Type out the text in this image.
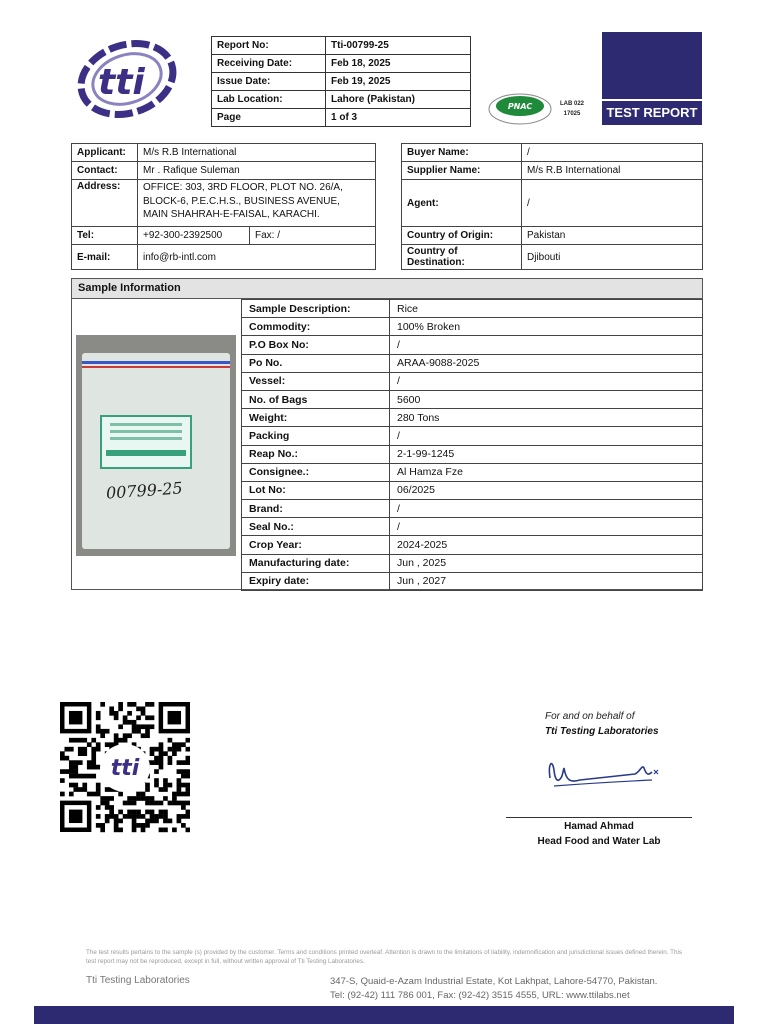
tti
Report No:	Tti-00799-25
Receiving Date:	Feb 18, 2025
Issue Date:	Feb 19, 2025
Lab Location:	Lahore (Pakistan)
Page	1 of 3
PNAC	LAB 022
17025	TEST REPORT
Applicant:	M/s R.B International			Buyer Name:	/
Contact:	Mr . Rafique Suleman			Supplier Name:	M/s R.B International
Address:	OFFICE: 303, 3RD FLOOR, PLOT NO. 26/A,
BLOCK-6, P.E.C.H.S., BUSINESS AVENUE,
MAIN SHAHRAH-E-FAISAL, KARACHI.			Agent:	/
Tel:	+92-300-2392500	Fax: /		Country of Origin:	Pakistan
E-mail:	info@rb-intl.com			Country of Destination:	Djibouti
Sample Information
00799-25
Sample Description:	Rice
Commodity:	100% Broken
P.O Box No:	/
Po No.	ARAA-9088-2025
Vessel:	/
No. of Bags	5600
Weight:	280 Tons
Packing	/
Reap No.:	2-1-99-1245
Consignee.:	Al Hamza Fze
Lot No:	06/2025
Brand:	/
Seal No.:	/
Crop Year:	2024-2025
Manufacturing date:	Jun , 2025
Expiry date:	Jun , 2027
tti
For and on behalf of
Tti Testing Laboratories
Hamad Ahmad
Head Food and Water Lab
The test results pertains to the sample (s) provided by the customer. Terms and conditions printed overleaf. Attention is drawn to the limitations of liability, indemnification and jurisdictional issues defined therein. This test report may not be reproduced, except in full, without written approval of Tti Testing Laboratories.
Tti Testing Laboratories	347-S, Quaid-e-Azam Industrial Estate, Kot Lakhpat, Lahore-54770, Pakistan.
Tel: (92-42) 111 786 001, Fax: (92-42) 3515 4555, URL: www.ttilabs.net
